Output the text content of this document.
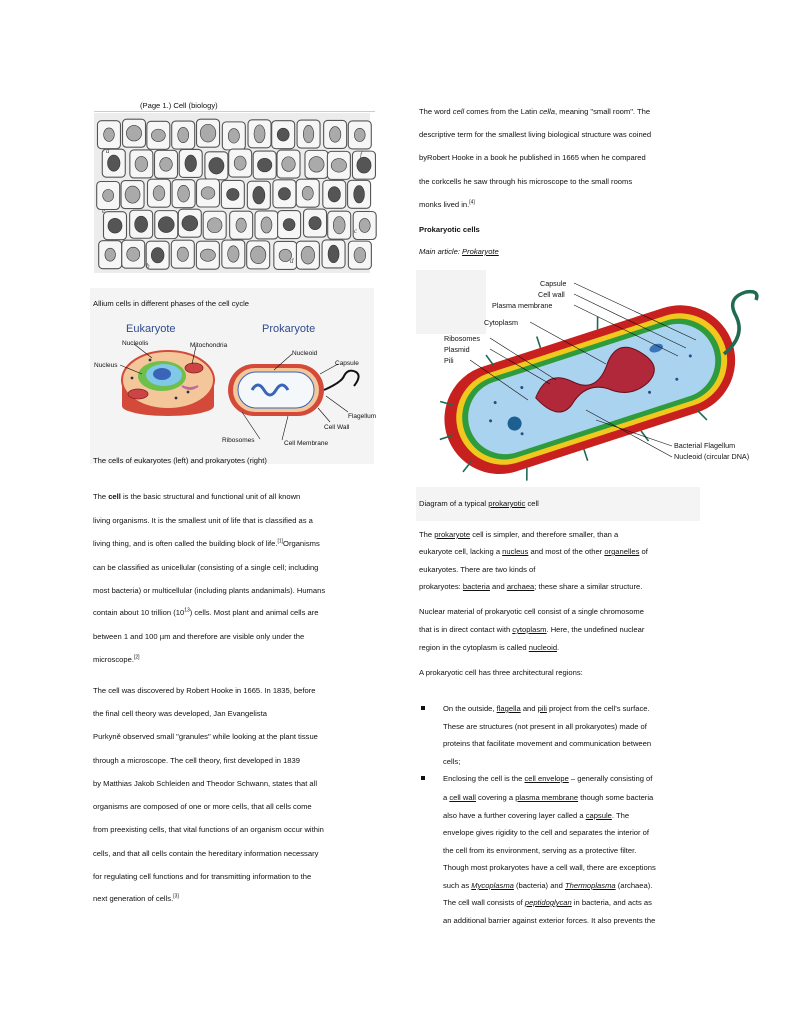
(Page 1.) Cell (biology)
a
b
c
d
e
f
Allium cells in different phases of the cell cycle
Eukaryote	Prokaryote
Nucleolis	Mitochondria
Nucleus
Nucleoid
Capsule
Flagellum
Cell Wall
Ribosomes	Cell Membrane
The cells of eukaryotes (left) and prokaryotes (right)
The cell is the basic structural and functional unit of all known
living organisms. It is the smallest unit of life that is classified as a
living thing, and is often called the building block of life.[1]Organisms
can be classified as unicellular (consisting of a single cell; including
most bacteria) or multicellular (including plants andanimals). Humans
contain about 10 trillion $(10^{13})$ cells. Most plant and animal cells are
between 1 and 100 µm and therefore are visible only under the
microscope.[2]
The cell was discovered by Robert Hooke in 1665. In 1835, before
the final cell theory was developed, Jan Evangelista
Purkyně observed small "granules" while looking at the plant tissue
through a microscope. The cell theory, first developed in 1839
by Matthias Jakob Schleiden and Theodor Schwann, states that all
organisms are composed of one or more cells, that all cells come
from preexisting cells, that vital functions of an organism occur within
cells, and that all cells contain the hereditary information necessary
for regulating cell functions and for transmitting information to the
next generation of cells.[3]
The word cell comes from the Latin cella, meaning "small room". The
descriptive term for the smallest living biological structure was coined
byRobert Hooke in a book he published in 1665 when he compared
the corkcells he saw through his microscope to the small rooms
monks lived in.[4]
Prokaryotic cells
Main article: Prokaryote
Capsule
Cell wall
Plasma membrane
Cytoplasm
Ribosomes
Plasmid
Pili
Bacterial Flagellum
Nucleoid (circular DNA)
Diagram of a typical prokaryotic cell
The prokaryote cell is simpler, and therefore smaller, than a
eukaryote cell, lacking a nucleus and most of the other organelles of
eukaryotes. There are two kinds of
prokaryotes: bacteria and archaea; these share a similar structure.
Nuclear material of prokaryotic cell consist of a single chromosome
that is in direct contact with cytoplasm. Here, the undefined nuclear
region in the cytoplasm is called nucleoid.
A prokaryotic cell has three architectural regions:
On the outside, flagella and pili project from the cell's surface.
These are structures (not present in all prokaryotes) made of
proteins that facilitate movement and communication between
cells;
Enclosing the cell is the cell envelope – generally consisting of
a cell wall covering a plasma membrane though some bacteria
also have a further covering layer called a capsule. The
envelope gives rigidity to the cell and separates the interior of
the cell from its environment, serving as a protective filter.
Though most prokaryotes have a cell wall, there are exceptions
such as Mycoplasma (bacteria) and Thermoplasma (archaea).
The cell wall consists of peptidoglycan in bacteria, and acts as
an additional barrier against exterior forces. It also prevents the
